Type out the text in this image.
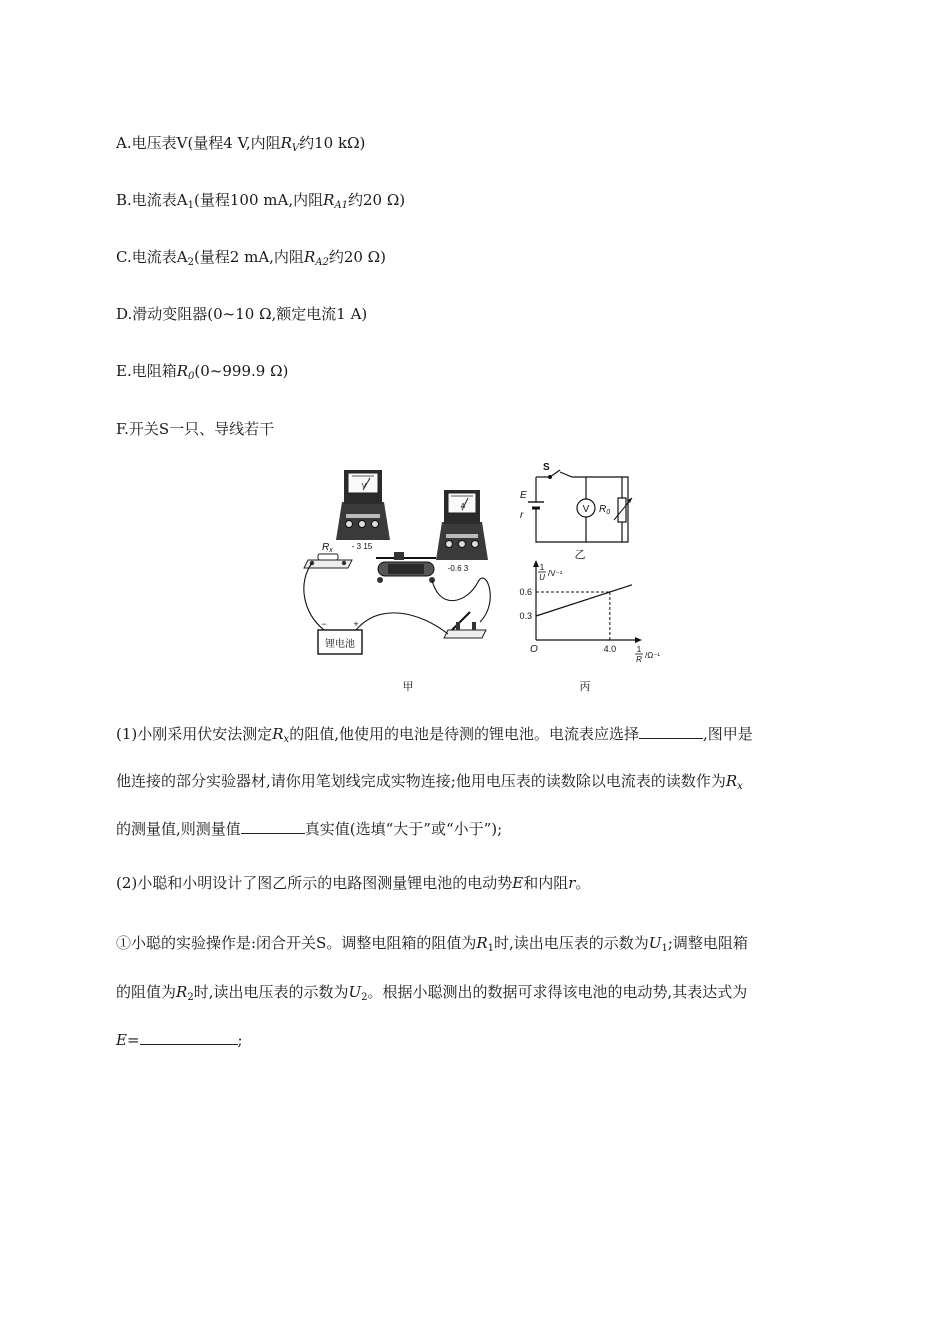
A.电压表V(量程4 V,内阻$R_V$约10 kΩ)
B.电流表$A_1$(量程100 mA,内阻$R_{A1}$约20 Ω)
C.电流表$A_2$(量程2 mA,内阻$R_{A2}$约20 Ω)
D.滑动变阻器(0~10 Ω,额定电流1 A)
E.电阻箱$R_0(0\sim 999.9$ Ω)
F.开关S一只、导线若干
V
- 3 15
A
-0.6 3
$R_x$
锂电池
−	+
甲
V
S
E
r
$R_0$
乙
0.3
0.6
4.0
1
U /V⁻¹
1
R /Ω⁻¹
O
丙
(1)小刚采用伏安法测定$R_x$的阻值,他使用的电池是待测的锂电池。电流表应选择	,图甲是
他连接的部分实验器材,请你用笔划线完成实物连接;他用电压表的读数除以电流表的读数作为$R_x$
的测量值,则测量值	真实值(选填“大于”或“小于”);
(2)小聪和小明设计了图乙所示的电路图测量锂电池的电动势E和内阻r。
①小聪的实验操作是:闭合开关S。调整电阻箱的阻值为$R_1$时,读出电压表的示数为$U_1$;调整电阻箱
的阻值为$R_2$时,读出电压表的示数为$U_2$。根据小聪测出的数据可求得该电池的电动势,其表达式为
E=	;
